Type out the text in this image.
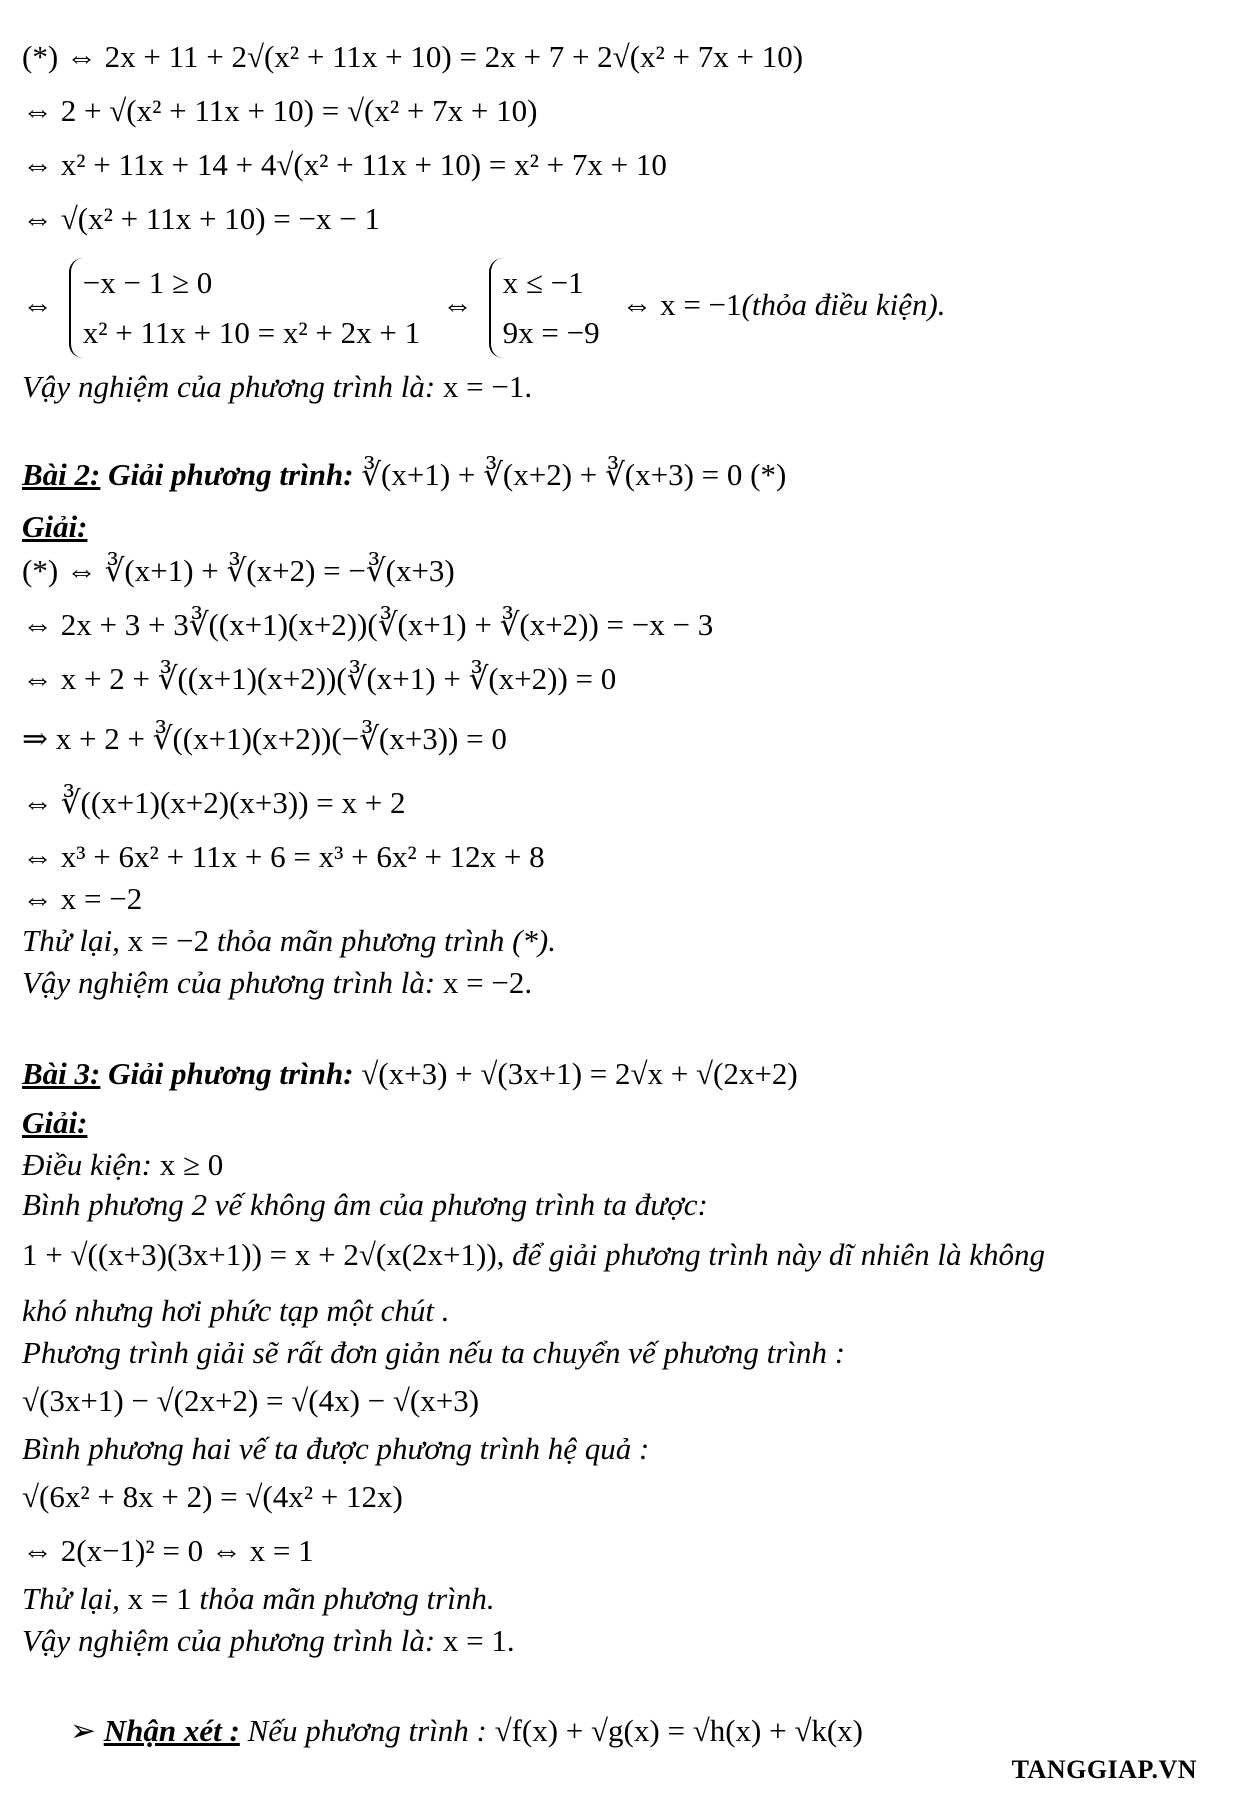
(*) ⇔ 2x + 11 + 2√(x² + 11x + 10) = 2x + 7 + 2√(x² + 7x + 10)
⇔ 2 + √(x² + 11x + 10) = √(x² + 7x + 10)
⇔ x² + 11x + 14 + 4√(x² + 11x + 10) = x² + 7x + 10
⇔ √(x² + 11x + 10) = −x − 1
⇔
−x − 1 ≥ 0
x² + 11x + 10 = x² + 2x + 1
⇔
x ≤ −1
9x = −9
⇔ x = −1(thỏa điều kiện).
Vậy nghiệm của phương trình là: x = −1.
Bài 2: Giải phương trình: ∛(x+1) + ∛(x+2) + ∛(x+3) = 0 (*)
Giải:
(*) ⇔ ∛(x+1) + ∛(x+2) = −∛(x+3)
⇔ 2x + 3 + 3∛((x+1)(x+2))(∛(x+1) + ∛(x+2)) = −x − 3
⇔ x + 2 + ∛((x+1)(x+2))(∛(x+1) + ∛(x+2)) = 0
⇒ x + 2 + ∛((x+1)(x+2))(−∛(x+3)) = 0
⇔ ∛((x+1)(x+2)(x+3)) = x + 2
⇔ x³ + 6x² + 11x + 6 = x³ + 6x² + 12x + 8
⇔ x = −2
Thử lại, x = −2 thỏa mãn phương trình (*).
Vậy nghiệm của phương trình là: x = −2.
Bài 3: Giải phương trình: √(x+3) + √(3x+1) = 2√x + √(2x+2)
Giải:
Điều kiện: x ≥ 0
Bình phương 2 vế không âm của phương trình ta được:
1 + √((x+3)(3x+1)) = x + 2√(x(2x+1)), để giải phương trình này dĩ nhiên là không
khó nhưng hơi phức tạp một chút .
Phương trình giải sẽ rất đơn giản nếu ta chuyển vế phương trình :
√(3x+1) − √(2x+2) = √(4x) − √(x+3)
Bình phương hai vế ta được phương trình hệ quả :
√(6x² + 8x + 2) = √(4x² + 12x)
⇔ 2(x−1)² = 0 ⇔ x = 1
Thử lại, x = 1 thỏa mãn phương trình.
Vậy nghiệm của phương trình là: x = 1.
➢ Nhận xét : Nếu phương trình : √f(x) + √g(x) = √h(x) + √k(x)
TANGGIAP.VN
